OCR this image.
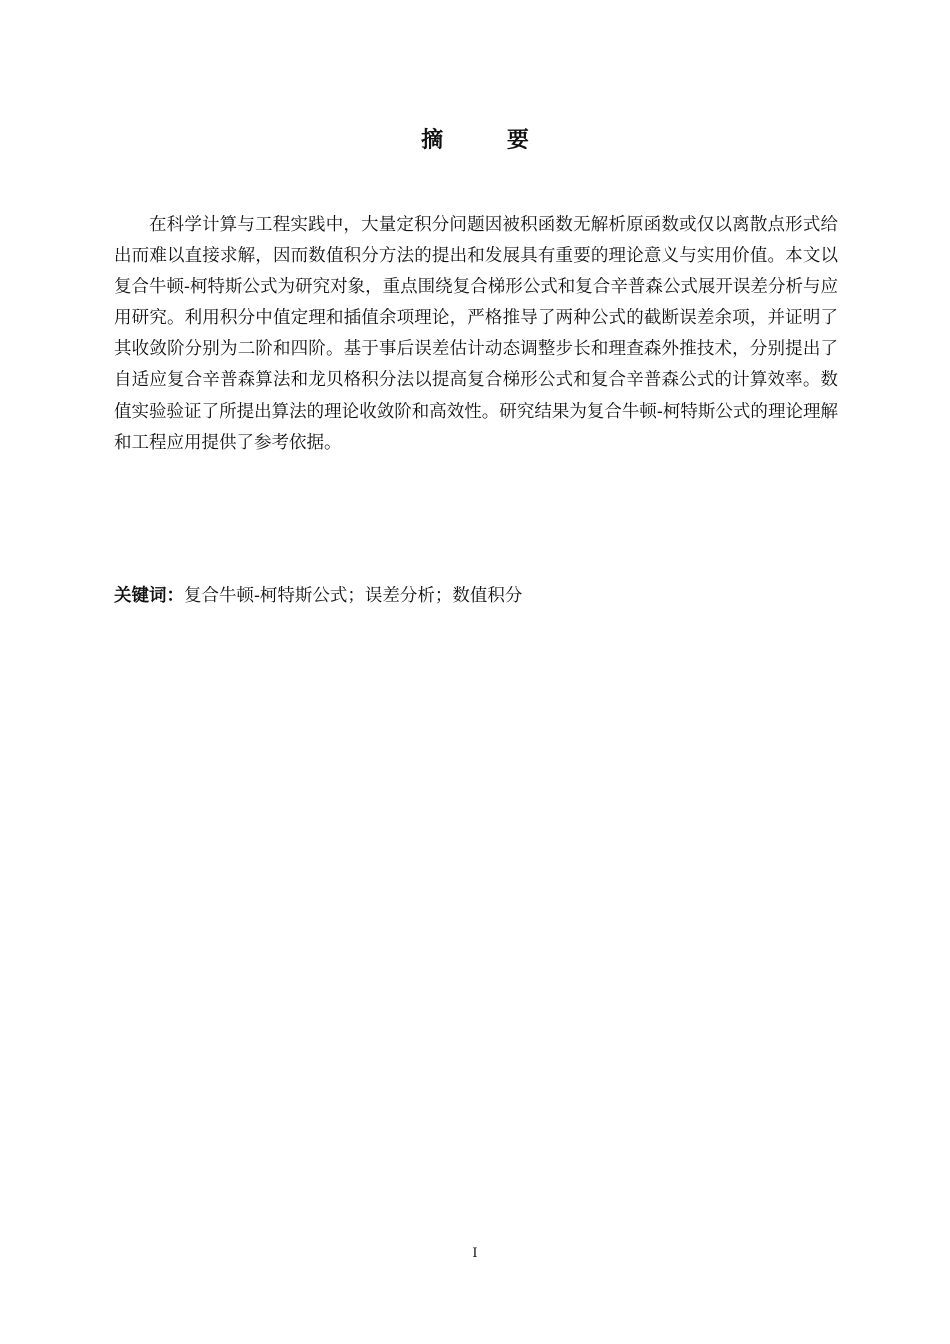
摘 要

在科学计算与工程实践中，大量定积分问题因被积函数无解析原函数或仅以离散点形式给出而难以直接求解，因而数值积分方法的提出和发展具有重要的理论意义与实用价值。本文以复合牛顿-柯特斯公式为研究对象，重点围绕复合梯形公式和复合辛普森公式展开误差分析与应用研究。利用积分中值定理和插值余项理论，严格推导了两种公式的截断误差余项，并证明了其收敛阶分别为二阶和四阶。基于事后误差估计动态调整步长和理查森外推技术，分别提出了自适应复合辛普森算法和龙贝格积分法以提高复合梯形公式和复合辛普森公式的计算效率。数值实验验证了所提出算法的理论收敛阶和高效性。研究结果为复合牛顿-柯特斯公式的理论理解和工程应用提供了参考依据。

关键词：复合牛顿-柯特斯公式；误差分析；数值积分
I
